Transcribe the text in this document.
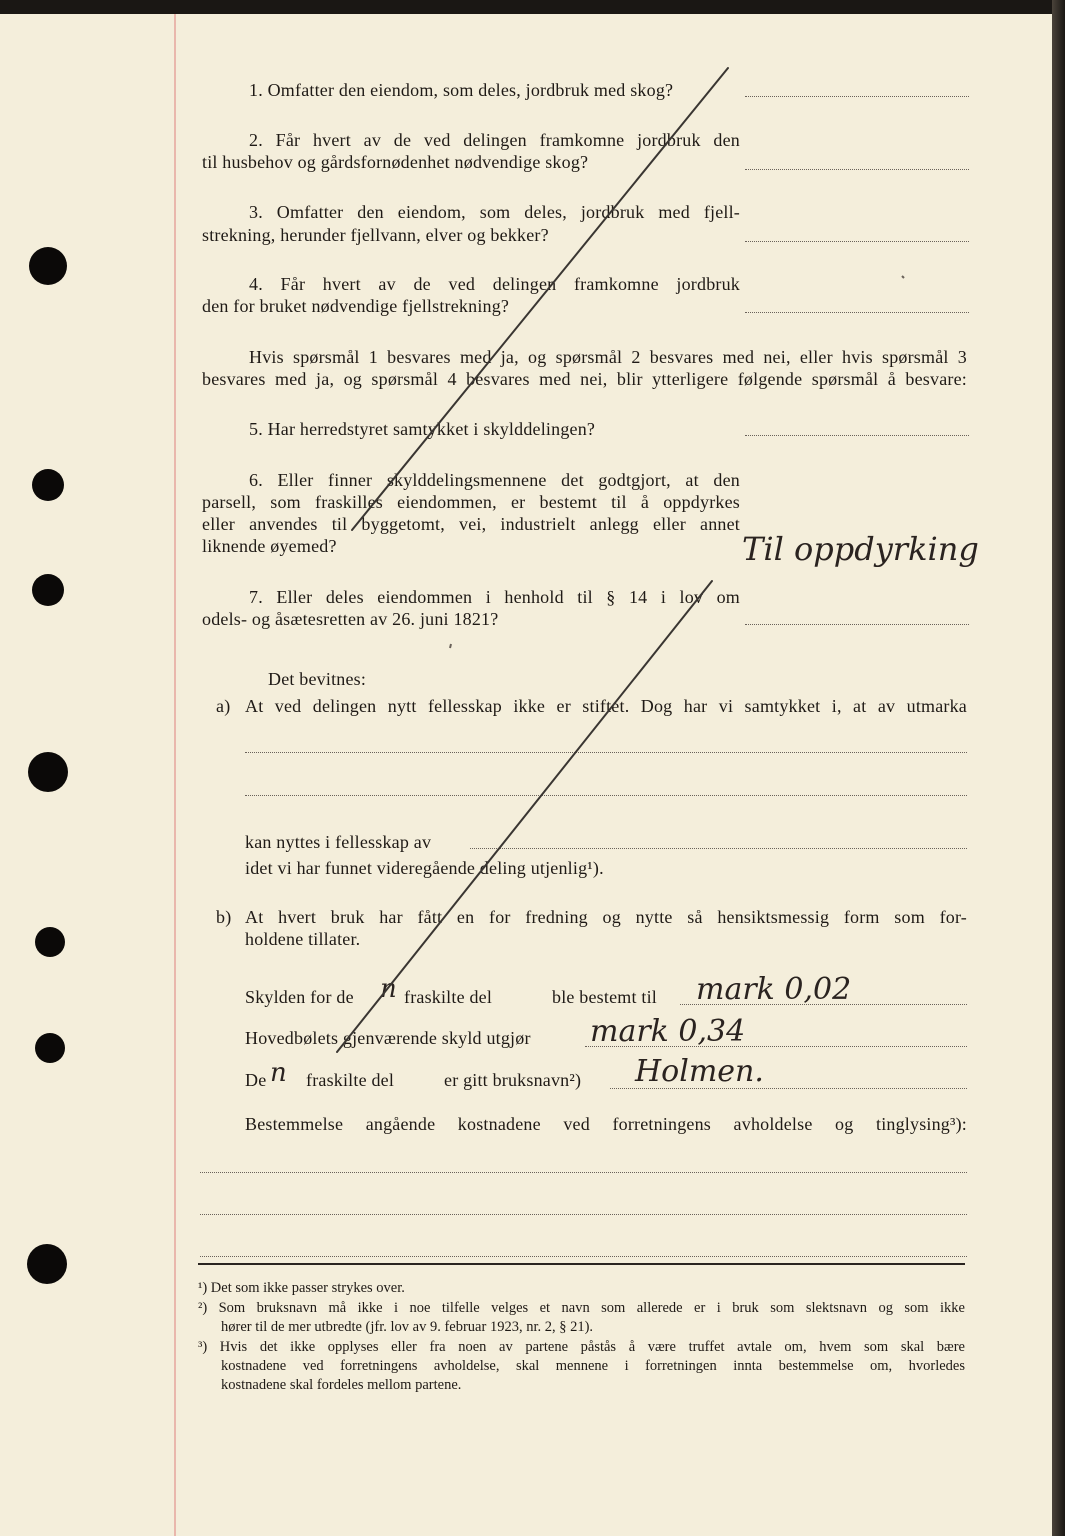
1. Omfatter den eiendom, som deles, jordbruk med skog?
2. Får hvert av de ved delingen framkomne jordbruk den
til husbehov og gårdsfornødenhet nødvendige skog?
3. Omfatter den eiendom, som deles, jordbruk med fjell-
strekning, herunder fjellvann, elver og bekker?
4. Får hvert av de ved delingen framkomne jordbruk
den for bruket nødvendige fjellstrekning?
Hvis spørsmål 1 besvares med ja, og spørsmål 2 besvares med nei, eller hvis spørsmål 3
besvares med ja, og spørsmål 4 besvares med nei, blir ytterligere følgende spørsmål å besvare:
5. Har herredstyret samtykket i skylddelingen?
6. Eller finner skylddelingsmennene det godtgjort, at den
parsell, som fraskilles eiendommen, er bestemt til å oppdyrkes
eller anvendes til byggetomt, vei, industrielt anlegg eller annet
liknende øyemed?	Til oppdyrking
7. Eller deles eiendommen i henhold til § 14 i lov om
odels- og åsætesretten av 26. juni 1821?
Det bevitnes:
a) At ved delingen nytt fellesskap ikke er stiftet. Dog har vi samtykket i, at av utmarka
kan nyttes i fellesskap av
idet vi har funnet videregående deling utjenlig¹).
b) At hvert bruk har fått en for fredning og nytte så hensiktsmessig form som for-
holdene tillater.
Skylden for de n fraskilte del	ble bestemt til mark 0,02
Hovedbølets gjenværende skyld utgjør mark 0,34
De n fraskilte del	er gitt bruksnavn²) Holmen.
Bestemmelse angående kostnadene ved forretningens avholdelse og tinglysing³):
¹) Det som ikke passer strykes over.
²) Som bruksnavn må ikke i noe tilfelle velges et navn som allerede er i bruk som slektsnavn og som ikke
hører til de mer utbredte (jfr. lov av 9. februar 1923, nr. 2, § 21).
³) Hvis det ikke opplyses eller fra noen av partene påstås å være truffet avtale om, hvem som skal bære
kostnadene ved forretningens avholdelse, skal mennene i forretningen innta bestemmelse om, hvorledes
kostnadene skal fordeles mellom partene.
